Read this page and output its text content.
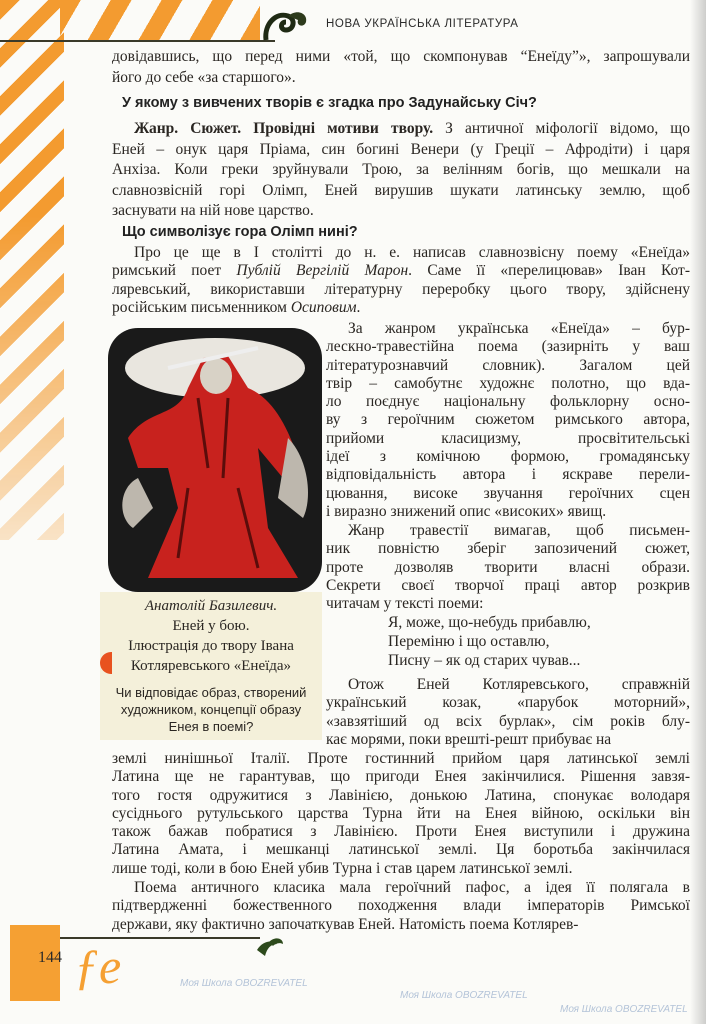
НОВА УКРАЇНСЬКА ЛІТЕРАТУРА
Моя Школа OBOZREVATEL
Моя Школа OBOZREVATEL
Моя Школа OBOZREVATEL
довідавшись, що перед ними «той, що скомпонував “Енеїду”», запрошували
його до себе «за старшого».
У якому з вивчених творів є згадка про Задунайську Січ?
Жанр. Сюжет. Провідні мотиви твору. З античної міфології відомо, що
Еней – онук царя Пріама, син богині Венери (у Греції – Афродіти) і царя
Анхіза. Коли греки зруйнували Трою, за велінням богів, що мешкали на
славнозвісній горі Олімп, Еней вирушив шукати латинську землю, щоб
заснувати на ній нове царство.
Що символізує гора Олімп нині?
Про це ще в І столітті до н. е. написав славнозвісну поему «Енеїда»
римський поет Публій Вергілій Марон. Саме її «перелицював» Іван Кот-
ляревський, використавши літературну переробку цього твору, здійснену
російським письменником Осиповим.
Анатолій Базилевич.
Еней у бою.
Ілюстрація до твору Івана
Котляревського «Енеїда»
Чи відповідає образ, створений
художником, концепції образу
Енея в поемі?
За жанром українська «Енеїда» – бур-
лескно-травестійна поема (зазирніть у ваш
літературознавчий словник). Загалом цей
твір – самобутнє художнє полотно, що вда-
ло поєднує національну фольклорну осно-
ву з героїчним сюжетом римського автора,
прийоми класицизму, просвітительські
ідеї з комічною формою, громадянську
відповідальність автора і яскраве перели-
цювання, високе звучання героїчних сцен
і виразно знижений опис «високих» явищ.
Жанр травестії вимагав, щоб письмен-
ник повністю зберіг запозичений сюжет,
проте дозволяв творити власні образи.
Секрети своєї творчої праці автор розкрив
читачам у тексті поеми:
Я, може, що-небудь прибавлю,
Переміню і що оставлю,
Писну – як од старих чував...
Отож Еней Котляревського, справжній
український козак, «парубок моторний»,
«завзятіший од всіх бурлак», сім років блу-
кає морями, поки врешті-решт прибуває на
землі нинішньої Італії. Проте гостинний прийом царя латинської землі
Латина ще не гарантував, що пригоди Енея закінчилися. Рішення завзя-
того гостя одружитися з Лавінією, донькою Латина, спонукає володаря
сусіднього рутульського царства Турна йти на Енея війною, оскільки він
також бажав побратися з Лавінією. Проти Енея виступили і дружина
Латина Амата, і мешканці латинської землі. Ця боротьба закінчилася
лише тоді, коли в бою Еней убив Турна і став царем латинської землі.
Поема античного класика мала героїчний пафос, а ідея її полягала в
підтвердженні божественного походження влади імператорів Римської
держави, яку фактично започаткував Еней. Натомість поема Котлярев-
144 ƒe
